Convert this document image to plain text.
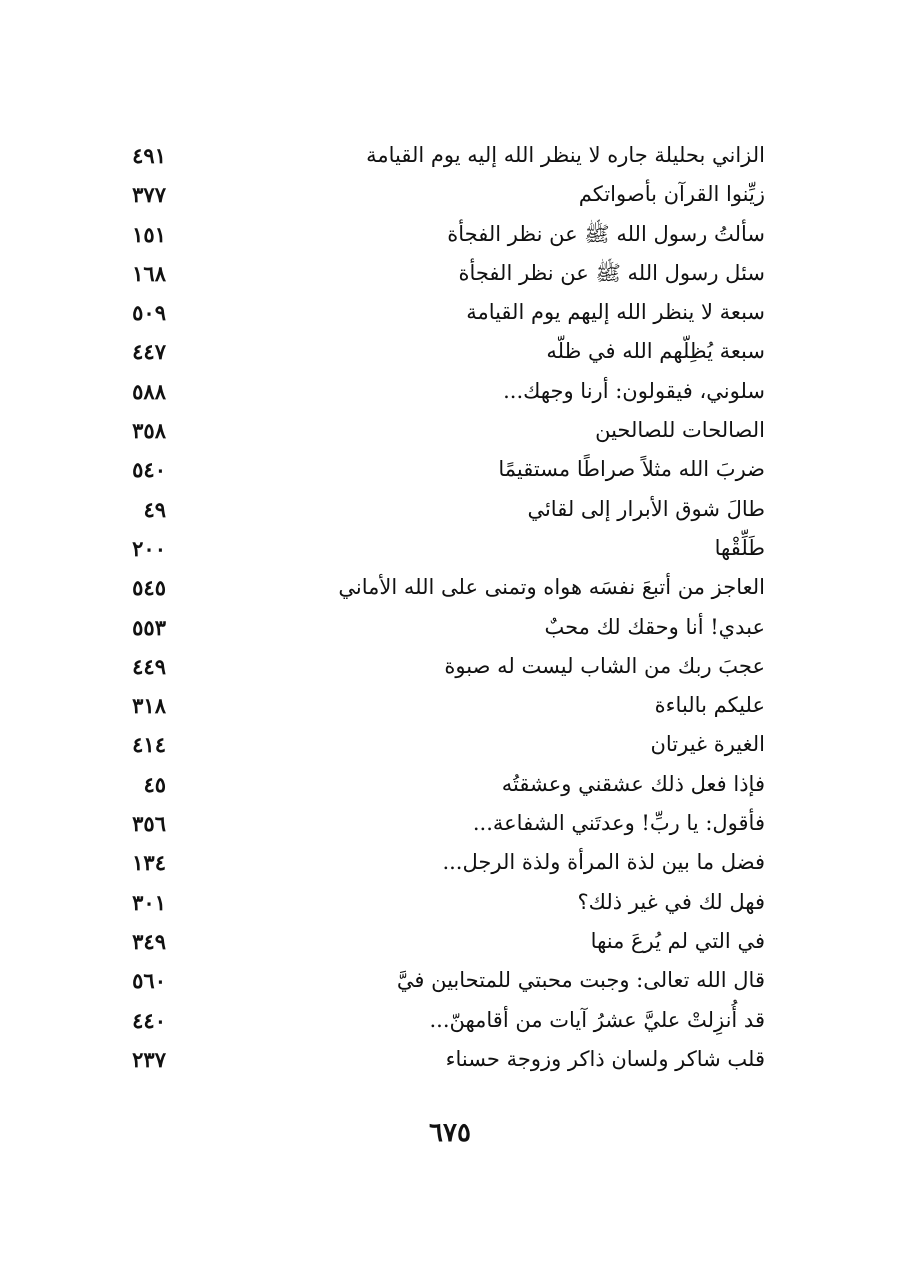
الزاني بحليلة جاره لا ينظر الله إليه يوم القيامة
٤٩١
زيِّنوا القرآن بأصواتكم
٣٧٧
سألتُ رسول الله ﷺ عن نظر الفجأة
١٥١
سئل رسول الله ﷺ عن نظر الفجأة
١٦٨
سبعة لا ينظر الله إليهم يوم القيامة
٥٠٩
سبعة يُظِلّهم الله في ظلّه
٤٤٧
سلوني، فيقولون: أرنا وجهك...
٥٨٨
الصالحات للصالحين
٣٥٨
ضربَ الله مثلاً صراطًا مستقيمًا
٥٤٠
طالَ شوق الأبرار إلى لقائي
٤٩
طَلِّقْها
٢٠٠
العاجز من أتبعَ نفسَه هواه وتمنى على الله الأماني
٥٤٥
عبدي! أنا وحقك لك محبٌ
٥٥٣
عجبَ ربك من الشاب ليست له صبوة
٤٤٩
عليكم بالباءة
٣١٨
الغيرة غيرتان
٤١٤
فإذا فعل ذلك عشقني وعشقتُه
٤٥
فأقول: يا ربِّ! وعدتَني الشفاعة...
٣٥٦
فضل ما بين لذة المرأة ولذة الرجل...
١٣٤
فهل لك في غير ذلك؟
٣٠١
في التي لم يُرعَ منها
٣٤٩
قال الله تعالى: وجبت محبتي للمتحابين فيَّ
٥٦٠
قد أُنزِلتْ عليَّ عشرُ آيات من أقامهنّ...
٤٤٠
قلب شاكر ولسان ذاكر وزوجة حسناء
٢٣٧
٦٧٥
